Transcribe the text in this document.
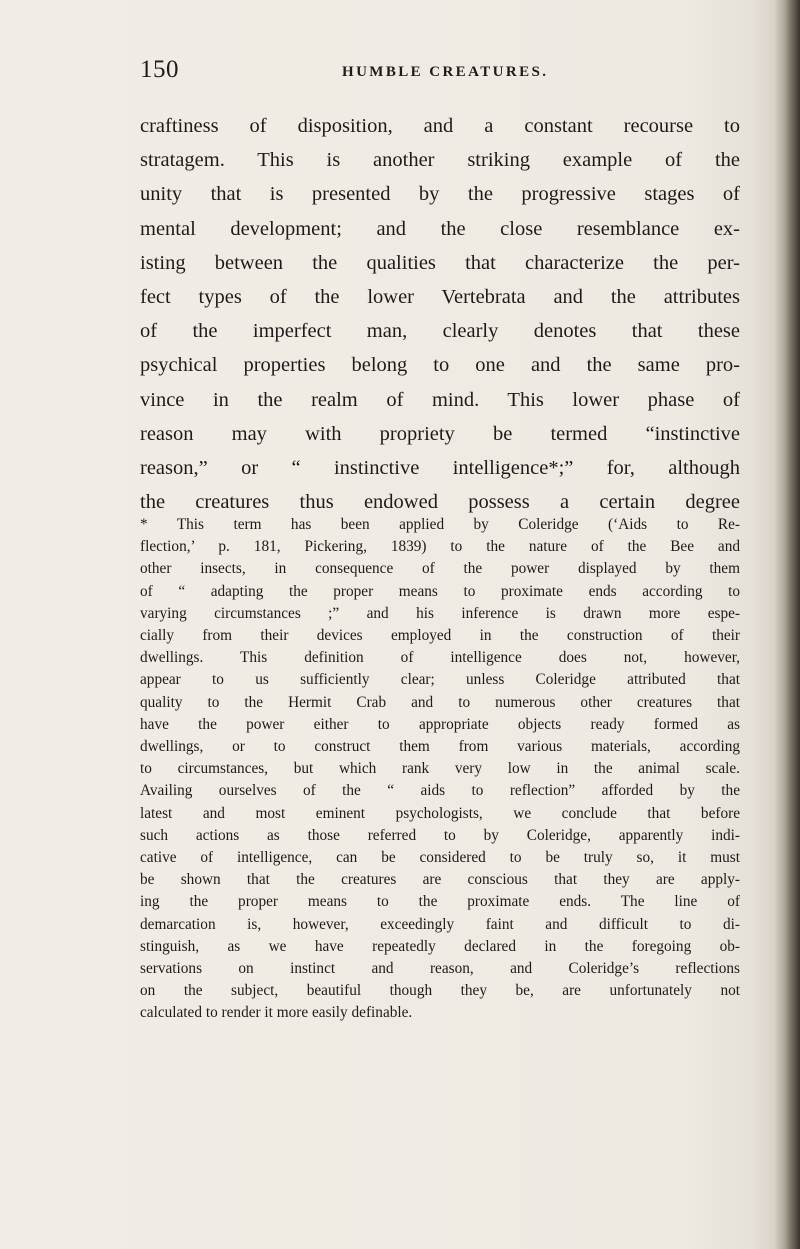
150	HUMBLE CREATURES.
craftiness of disposition, and a constant recourse to
stratagem. This is another striking example of the
unity that is presented by the progressive stages of
mental development; and the close resemblance ex-
isting between the qualities that characterize the per-
fect types of the lower Vertebrata and the attributes
of the imperfect man, clearly denotes that these
psychical properties belong to one and the same pro-
vince in the realm of mind. This lower phase of
reason may with propriety be termed “instinctive
reason,” or “ instinctive intelligence*;” for, although
the creatures thus endowed possess a certain degree
* This term has been applied by Coleridge (‘Aids to Re-
flection,’ p. 181, Pickering, 1839) to the nature of the Bee and
other insects, in consequence of the power displayed by them
of “ adapting the proper means to proximate ends according to
varying circumstances ;” and his inference is drawn more espe-
cially from their devices employed in the construction of their
dwellings. This definition of intelligence does not, however,
appear to us sufficiently clear; unless Coleridge attributed that
quality to the Hermit Crab and to numerous other creatures that
have the power either to appropriate objects ready formed as
dwellings, or to construct them from various materials, according
to circumstances, but which rank very low in the animal scale.
Availing ourselves of the “ aids to reflection” afforded by the
latest and most eminent psychologists, we conclude that before
such actions as those referred to by Coleridge, apparently indi-
cative of intelligence, can be considered to be truly so, it must
be shown that the creatures are conscious that they are apply-
ing the proper means to the proximate ends. The line of
demarcation is, however, exceedingly faint and difficult to di-
stinguish, as we have repeatedly declared in the foregoing ob-
servations on instinct and reason, and Coleridge’s reflections
on the subject, beautiful though they be, are unfortunately not
calculated to render it more easily definable.
